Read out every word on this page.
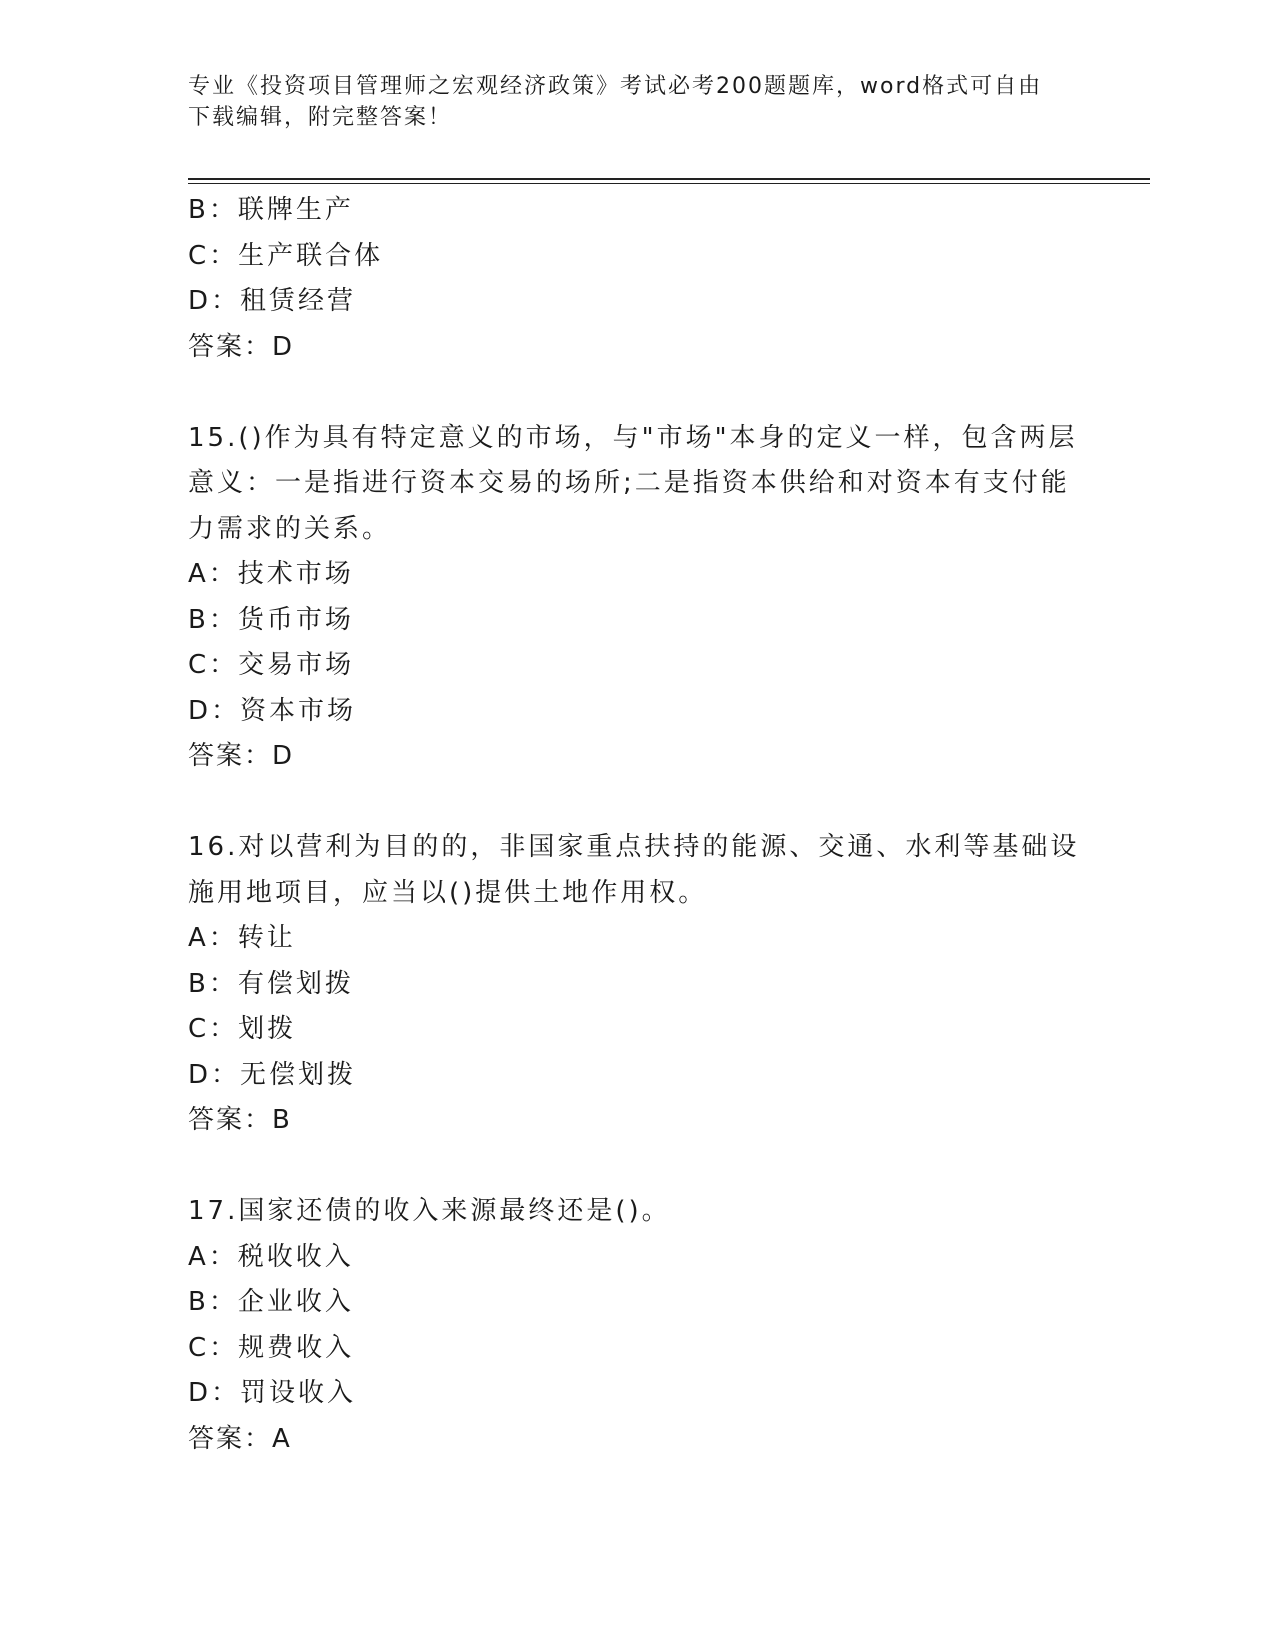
专业《投资项目管理师之宏观经济政策》考试必考200题题库，word格式可自由
下载编辑，附完整答案！
B：联牌生产
C：生产联合体
D：租赁经营
答案：D
15.()作为具有特定意义的市场，与"市场"本身的定义一样，包含两层
意义：一是指进行资本交易的场所;二是指资本供给和对资本有支付能
力需求的关系。
A：技术市场
B：货币市场
C：交易市场
D：资本市场
答案：D
16.对以营利为目的的，非国家重点扶持的能源、交通、水利等基础设
施用地项目，应当以()提供土地作用权。
A：转让
B：有偿划拨
C：划拨
D：无偿划拨
答案：B
17.国家还债的收入来源最终还是()。
A：税收收入
B：企业收入
C：规费收入
D：罚设收入
答案：A
